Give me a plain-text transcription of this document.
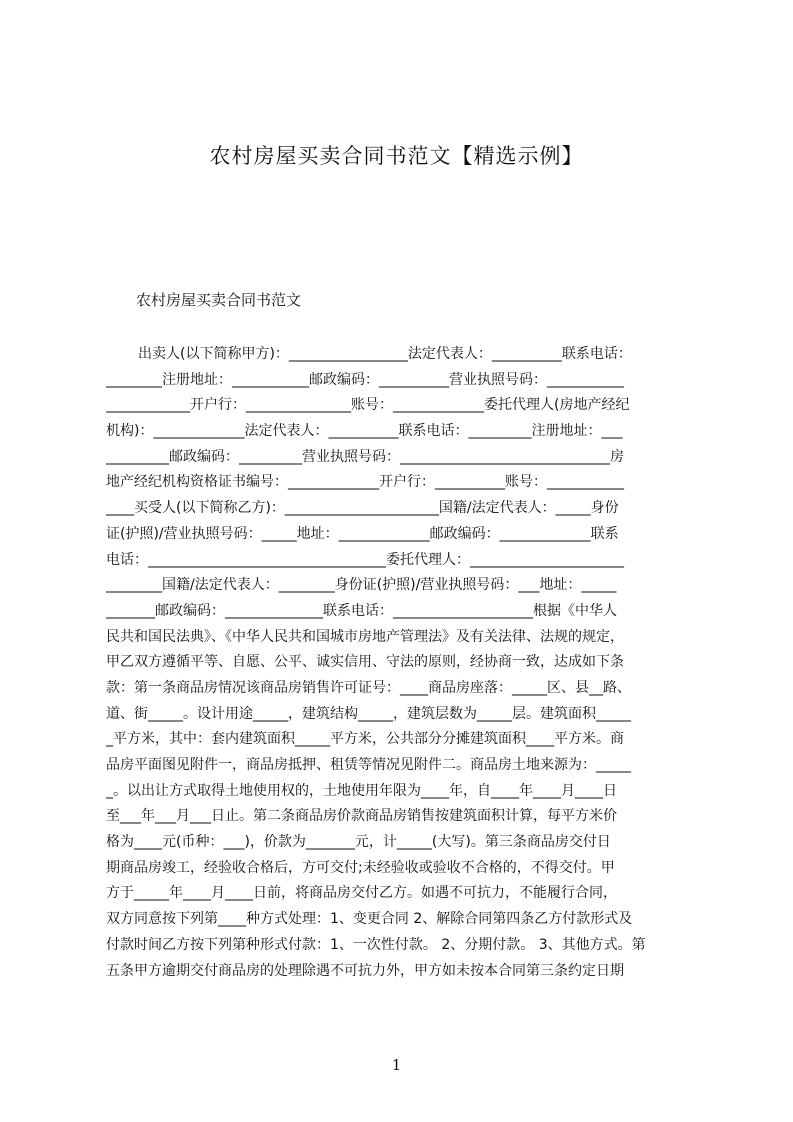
农村房屋买卖合同书范文【精选示例】
农村房屋买卖合同书范文
出卖人(以下简称甲方)：_________________法定代表人：__________联系电话：
________注册地址：___________邮政编码：__________营业执照号码：___________
____________开户行：_______________账号：_____________委托代理人(房地产经纪
机构)：_____________法定代表人：__________联系电话：_________注册地址：___
_________邮政编码：_________营业执照号码：______________________________房
地产经纪机构资格证书编号：_____________开户行：__________账号：___________
____买受人(以下简称乙方)：______________________国籍/法定代表人：_____身份
证(护照)/营业执照号码：_____地址：_____________邮政编码：_____________联系
电话：__________________________________委托代理人：______________________
________国籍/法定代表人：________身份证(护照)/营业执照号码：___地址：_____
_______邮政编码：______________联系电话：____________________根据《中华人
民共和国民法典》、《中华人民共和国城市房地产管理法》及有关法律、法规的规定，
甲乙双方遵循平等、自愿、公平、诚实信用、守法的原则，经协商一致，达成如下条
款：第一条商品房情况该商品房销售许可证号：____商品房座落：_____区、县__路、
道、街_____。设计用途_____，建筑结构_____，建筑层数为_____层。建筑面积_____
_平方米，其中：套内建筑面积_____平方米，公共部分分摊建筑面积____平方米。商
品房平面图见附件一，商品房抵押、租赁等情况见附件二。商品房土地来源为：_____
_。以出让方式取得土地使用权的，土地使用年限为____年，自____年____月____日
至___年___月___日止。第二条商品房价款商品房销售按建筑面积计算，每平方米价
格为____元(币种：___)，价款为_______元，计_____(大写)。第三条商品房交付日
期商品房竣工，经验收合格后，方可交付;未经验收或验收不合格的，不得交付。甲
方于_____年____月____日前，将商品房交付乙方。如遇不可抗力，不能履行合同，
双方同意按下列第____种方式处理：1、变更合同 2、解除合同第四条乙方付款形式及
付款时间乙方按下列第种形式付款：1、一次性付款。 2、分期付款。 3、其他方式。第
五条甲方逾期交付商品房的处理除遇不可抗力外，甲方如未按本合同第三条约定日期
1
